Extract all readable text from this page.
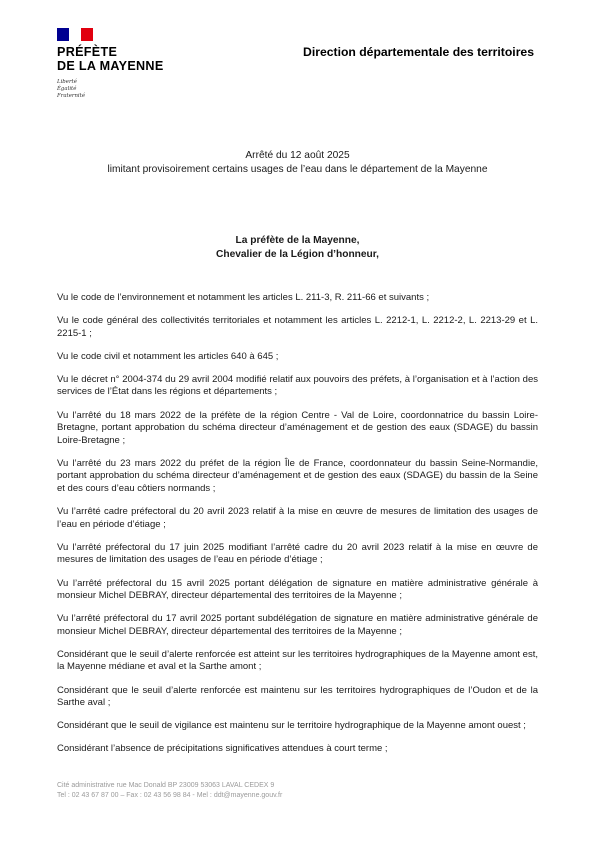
PRÉFÈTE
DE LA MAYENNE
Liberté
Égalité
Fraternité
Direction départementale des territoires
Arrêté du 12 août 2025
limitant provisoirement certains usages de l’eau dans le département de la Mayenne
La préfète de la Mayenne,
Chevalier de la Légion d’honneur,
Vu le code de l’environnement et notamment les articles L. 211-3, R. 211-66 et suivants ;
Vu le code général des collectivités territoriales et notamment les articles L. 2212-1, L. 2212-2, L. 2213-29 et L. 2215-1 ;
Vu le code civil et notamment les articles 640 à 645 ;
Vu le décret n° 2004-374 du 29 avril 2004 modifié relatif aux pouvoirs des préfets, à l’organisation et à l’action des services de l’État dans les régions et départements ;
Vu l’arrêté du 18 mars 2022 de la préfète de la région Centre - Val de Loire, coordonnatrice du bassin Loire-Bretagne, portant approbation du schéma directeur d’aménagement et de gestion des eaux (SDAGE) du bassin Loire-Bretagne ;
Vu l’arrêté du 23 mars 2022 du préfet de la région Île de France, coordonnateur du bassin Seine-Normandie, portant approbation du schéma directeur d’aménagement et de gestion des eaux (SDAGE) du bassin de la Seine et des cours d’eau côtiers normands ;
Vu l’arrêté cadre préfectoral du 20 avril 2023 relatif à la mise en œuvre de mesures de limitation des usages de l’eau en période d’étiage ;
Vu l’arrêté préfectoral du 17 juin 2025 modifiant l’arrêté cadre du 20 avril 2023 relatif à la mise en œuvre de mesures de limitation des usages de l’eau en période d’étiage ;
Vu l’arrêté préfectoral du 15 avril 2025 portant délégation de signature en matière administrative générale à monsieur Michel DEBRAY, directeur départemental des territoires de la Mayenne ;
Vu l’arrêté préfectoral du 17 avril 2025 portant subdélégation de signature en matière administrative générale de monsieur Michel DEBRAY, directeur départemental des territoires de la Mayenne ;
Considérant que le seuil d’alerte renforcée est atteint sur les territoires hydrographiques de la Mayenne amont est, la Mayenne médiane et aval et la Sarthe amont ;
Considérant que le seuil d’alerte renforcée est maintenu sur les territoires hydrographiques de l’Oudon et de la Sarthe aval ;
Considérant que le seuil de vigilance est maintenu sur le territoire hydrographique de la Mayenne amont ouest ;
Considérant l’absence de précipitations significatives attendues à court terme ;
Cité administrative rue Mac Donald BP 23009 53063 LAVAL CEDEX 9
Tel : 02 43 67 87 00 – Fax : 02 43 56 98 84 - Mel : ddt@mayenne.gouv.fr
